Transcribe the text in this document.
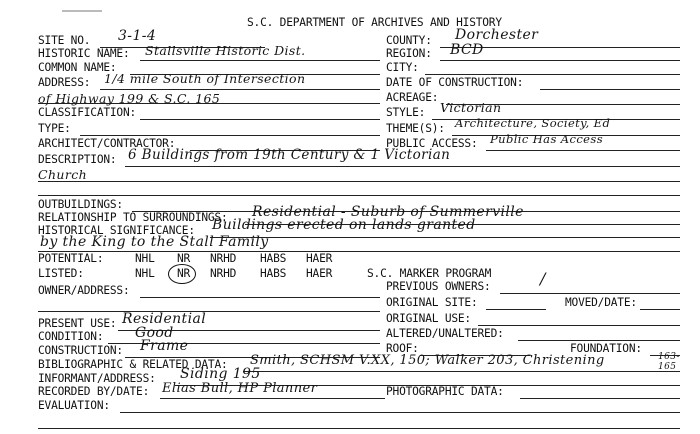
S.C. DEPARTMENT OF ARCHIVES AND HISTORY
SITE NO. 3-1-4
HISTORIC NAME: Stallsville Historic Dist.
COMMON NAME:
ADDRESS: 1/4 mile South of Intersection
of Highway 199 & S.C. 165
CLASSIFICATION:
TYPE:
ARCHITECT/CONTRACTOR:
COUNTY: Dorchester
REGION: BCD
CITY:
DATE OF CONSTRUCTION:
ACREAGE:
STYLE: Victorian
THEME(S): Architecture, Society, Ed
PUBLIC ACCESS: Public Has Access
DESCRIPTION: 6 Buildings from 19th Century & 1 Victorian
Church
OUTBUILDINGS:
RELATIONSHIP TO SURROUNDINGS: Residential - Suburb of Summerville
HISTORICAL SIGNIFICANCE: Buildings erected on lands granted
by the King to the Stall Family
POTENTIAL:	NHL NR NRHD HABS HAER
LISTED:	NHL NR NRHD HABS HAER	S.C. MARKER PROGRAM	/
OWNER/ADDRESS:	PREVIOUS OWNERS:
ORIGINAL SITE:	MOVED/DATE:
ORIGINAL USE:
PRESENT USE: Residential
CONDITION: Good	ALTERED/UNALTERED:
CONSTRUCTION: Frame	ROOF:	FOUNDATION:
BIBLIOGRAPHIC & RELATED DATA: Smith, SCHSM V.XX, 150; Walker 203, Christening	163-165
INFORMANT/ADDRESS: Siding 195
RECORDED BY/DATE: Elias Bull, HP Planner	PHOTOGRAPHIC DATA:
EVALUATION:
